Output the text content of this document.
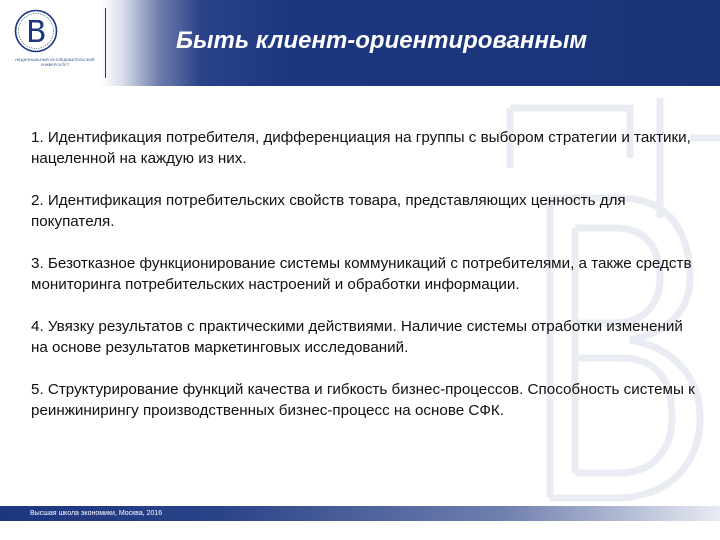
НАЦИОНАЛЬНЫЙ ИССЛЕДОВАТЕЛЬСКИЙ УНИВЕРСИТЕТ
Быть клиент-ориентированным

1. Идентификация потребителя, дифференциация на группы с выбором стратегии и тактики, нацеленной на каждую из них.

2. Идентификация потребительских свойств товара, представляющих ценность для покупателя.

3. Безотказное функционирование системы коммуникаций с потребителями, а также средств мониторинга потребительских настроений и обработки информации.

4. Увязку результатов с практическими действиями. Наличие системы отработки изменений на основе результатов маркетинговых исследований.

5. Структурирование функций качества и гибкость бизнес-процессов. Способность системы к реинжинирингу производственных бизнес-процесс на основе СФК.

Высшая школа экономики, Москва, 2016
